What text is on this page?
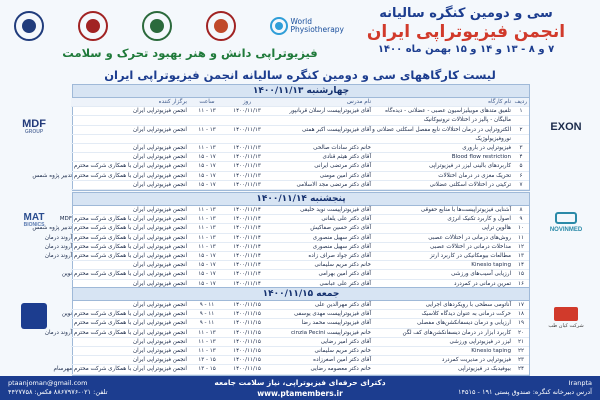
سی و دومین کنگره سالیانه
انجمن فیزیوتراپی ایران
۷ و ۸ - ۱۳ و ۱۴ و ۱۵ بهمن ماه ۱۴۰۰
World
Physiotherapy
فیزیوتراپی دانش و هنر بهبود تحرک و سلامت
لیست کارگاههای سی و دومین کنگره سالیانه انجمن فیزیوتراپی ایران
MDF
GROUP
MAT
BIONICS
EXON
NOVINMED
شرکت کیان طب
چهارشنبه ۱۴۰۰/۱۱/۱۳
ردیف	نام کارگاه	نام مدرس	روز	ساعت	برگزار کننده
۱	تلفیق متدهای موبیلیزاسیون عصبی - عضلانی - دیده‌گاه	آقای فیزیوتراپیست ارسلان قربانپور	۱۴۰۰/۱۱/۱۳	۱۳ - ۱۱	انجمن فیزیوتراپی ایران
	مالیگان - پالیز در اختلالات نرونیوکانیک				
۲	الکتروتراپی در درمان اختلالات نابع مفصل اسکلتی عضلانی و	آقای فیزیوتراپیست اکبر همتی	۱۴۰۰/۱۱/۱۳	۱۳ - ۱۱	انجمن فیزیوتراپی ایران
	نوروفیزیولوژیک				
۳	فیزیوتراپی در باروری	خانم دکتر سادات صالحی	۱۴۰۰/۱۱/۱۳	۱۳ - ۱۱	انجمن فیزیوتراپی ایران
۴	Blood flow restriction	آقای دکتر هیثم قنادی	۱۴۰۰/۱۱/۱۳	۱۷ - ۱۵	انجمن فیزیوتراپی ایران
۵	کاربردهای بالینی لیزر در فیزیوتراپی	آقای دکتر مرتضی ایرانی	۱۴۰۰/۱۱/۱۳	۱۷ - ۱۵	انجمن فیزیوتراپی ایران با همکاری شرکت محترم
۶	تحریک مغزی در درمان اختلالات	آقای دکتر امین مومنی	۱۴۰۰/۱۱/۱۳	۱۷ - ۱۵	انجمن فیزیوتراپی ایران با همکاری شرکت محترم تدبیر پژوه شمس
۷	ترکیتی در اختلالات اسکلتی عضلانی	آقای دکتر مرتضی مجد الاسلامی	۱۴۰۰/۱۱/۱۳	۱۷ - ۱۵	انجمن فیزیوتراپی ایران
پنجشنبه ۱۴۰۰/۱۱/۱۴
۸	آشنایی فیزیوتراپیست‌ها با منابع حقوقی	آقای فیزیوتراپیست نوید خلیقی	۱۴۰۰/۱۱/۱۴	۱۳ - ۱۱	انجمن فیزیوتراپی ایران
۹	اصول و کاربرد تکنیک انرژی	آقای دکتر علی یلفانی	۱۴۰۰/۱۱/۱۴	۱۳ - ۱۱	انجمن فیزیوتراپی ایران با همکاری شرکت محترم MDF
۱۰	هالوپن تراپی	آقای دکتر حسین صفاکیش	۱۴۰۰/۱۱/۱۴	۱۳ - ۱۱	انجمن فیزیوتراپی ایران با همکاری شرکت محترم تدبیر پژوه شمس
۱۱	روش‌های درمانی در اختلالات عصبی	آقای دکتر سهیل منصوری	۱۴۰۰/۱۱/۱۴	۱۳ - ۱۱	انجمن فیزیوتراپی ایران با همکاری شرکت محترم آروند درمان
۱۲	مداخلات درمانی در اختلالات عصبی	آقای دکتر سهیل منصوری	۱۴۰۰/۱۱/۱۴	۱۳ - ۱۱	انجمن فیزیوتراپی ایران با همکاری شرکت محترم آروند درمان
۱۳	مطالعات بیومکانیکی در کاربرد ارتز	آقای دکتر جواد صراف زاده	۱۴۰۰/۱۱/۱۴	۱۷ - ۱۵	انجمن فیزیوتراپی ایران با همکاری شرکت محترم آروند درمان
۱۴	Kinesio taping	خانم دکتر مریم سلیمانی	۱۴۰۰/۱۱/۱۴	۱۷ - ۱۵	انجمن فیزیوتراپی ایران
۱۵	ارزیابی آسیب‌های ورزشی	آقای دکتر امین بهرامی	۱۴۰۰/۱۱/۱۴	۱۷ - ۱۵	انجمن فیزیوتراپی ایران با همکاری شرکت محترم نوین
۱۶	تمرین درمانی در کمردرد	آقای دکتر علی عباسی	۱۴۰۰/۱۱/۱۴	۱۷ - ۱۵	انجمن فیزیوتراپی ایران
جمعه ۱۴۰۰/۱۱/۱۵
۱۷	آناتومی سطحی با رویکرد‌های اجرایی	آقای دکتر مهرالدین علی	۱۴۰۰/۱۱/۱۵	۱۱ - ۹	انجمن فیزیوتراپی ایران
۱۸	حرکت درمانی به عنوان دیدگاه کلاسیک	آقای فیزیوتراپیست مهدی یوسفی	۱۴۰۰/۱۱/۱۵	۱۱ - ۹	انجمن فیزیوتراپی ایران با همکاری شرکت محترم نوین
۱۹	ارزیابی و درمان دیسفانکشن‌های مفصلی	آقای فیزیوتراپیست محمد رضا	۱۴۰۰/۱۱/۱۵	۱۱ - ۹	انجمن فیزیوتراپی ایران با همکاری شرکت محترم
۲۰	کاربرد ابزار در درمان دیسفانکشن‌های کف لگن	خانم فیزیوتراپیست cinzia Pecini	۱۴۰۰/۱۱/۱۵	۱۳ - ۱۱	انجمن فیزیوتراپی ایران با همکاری شرکت محترم آروند درمان
۲۱	لیزر در فیزیوتراپی ورزشی	آقای دکتر امیر رضایی	۱۴۰۰/۱۱/۱۵	۱۳ - ۱۱	انجمن فیزیوتراپی ایران
۲۲	Kinesio taping	خانم دکتر مریم سلیمانی	۱۴۰۰/۱۱/۱۵	۱۳ - ۱۱	انجمن فیزیوتراپی ایران
۲۳	فیزیوتراپی در مدیریت کمردرد	آقای دکتر امین اصغرزاده	۱۴۰۰/۱۱/۱۵	۱۵ - ۱۳	انجمن فیزیوتراپی ایران
۲۴	بیوفیدبک در فیزیوتراپی	خانم دکتر معصومه رضایی	۱۴۰۰/۱۱/۱۵	۱۵ - ۱۳	انجمن فیزیوتراپی ایران با همکاری شرکت محترم مهرسام
Iranpta
آدرس دبیرخانه کنگره: صندوق پستی ۱۹۱ - ۱۴۵۱۵
دکترای حرفه‌ای فیزیوتراپی، نیاز سلامت جامعه
www.ptamembers.ir
ptaanjoman@gmail.com
تلفن: ۰۲۱-۸۸۶۷۹۷۶ فکس: ۴۴۲۷۷۵۸
